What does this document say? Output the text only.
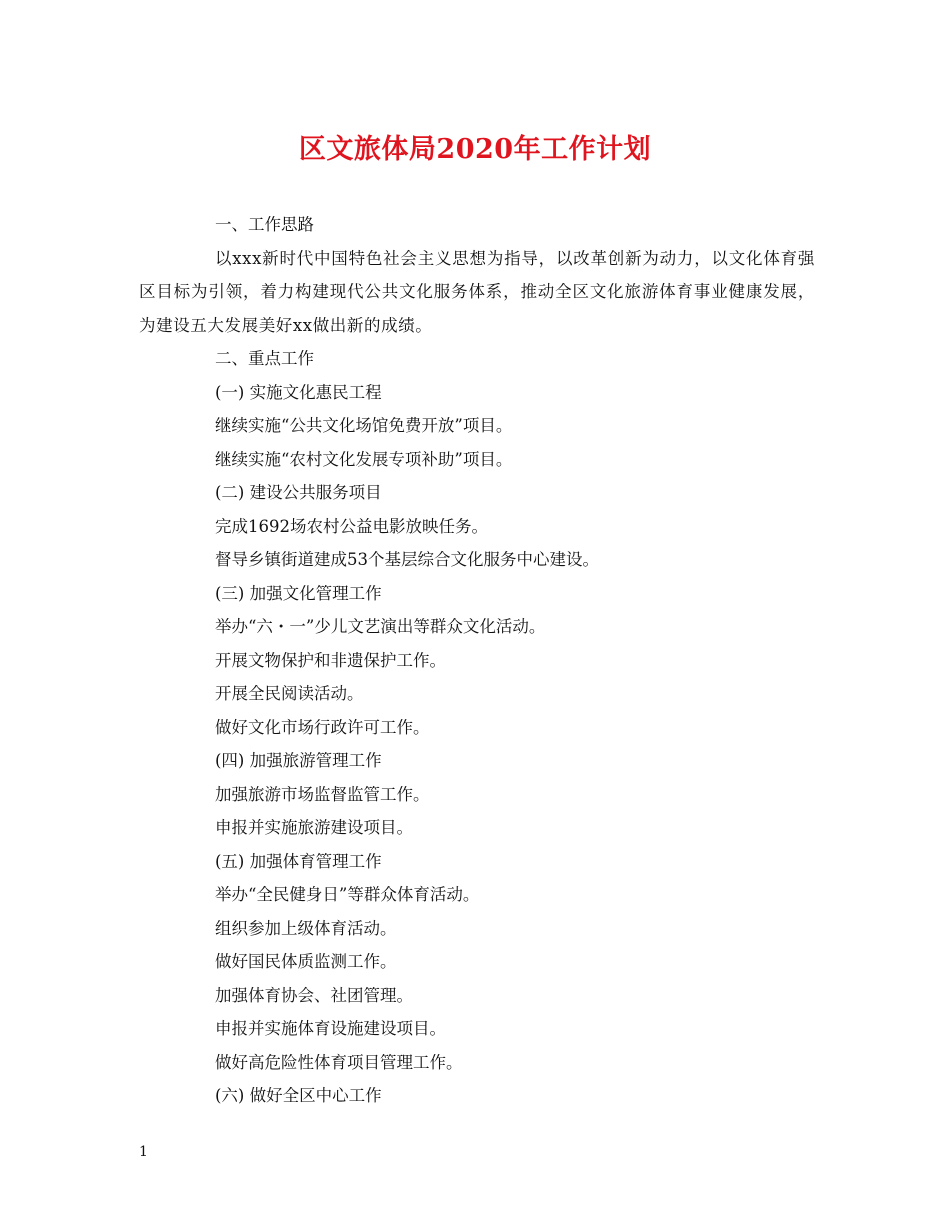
区文旅体局2020年工作计划
一、工作思路

以xxx新时代中国特色社会主义思想为指导，以改革创新为动力，以文化体育强区目标为引领，着力构建现代公共文化服务体系，推动全区文化旅游体育事业健康发展，为建设五大发展美好xx做出新的成绩。

二、重点工作
(一) 实施文化惠民工程
继续实施“公共文化场馆免费开放”项目。
继续实施“农村文化发展专项补助”项目。
(二) 建设公共服务项目
完成1692场农村公益电影放映任务。
督导乡镇街道建成53个基层综合文化服务中心建设。
(三) 加强文化管理工作
举办“六・一”少儿文艺演出等群众文化活动。
开展文物保护和非遗保护工作。
开展全民阅读活动。
做好文化市场行政许可工作。
(四) 加强旅游管理工作
加强旅游市场监督监管工作。
申报并实施旅游建设项目。
(五) 加强体育管理工作
举办“全民健身日”等群众体育活动。
组织参加上级体育活动。
做好国民体质监测工作。
加强体育协会、社团管理。
申报并实施体育设施建设项目。
做好高危险性体育项目管理工作。
(六) 做好全区中心工作
1
